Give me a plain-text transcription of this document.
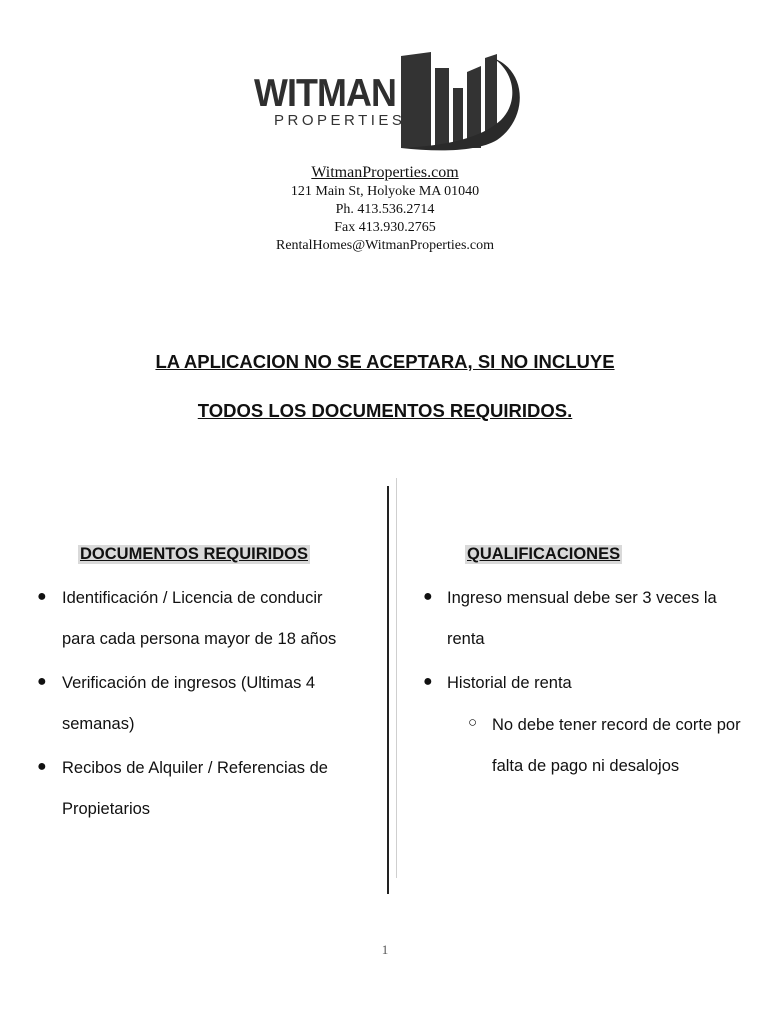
WITMAN
PROPERTIES
WitmanProperties.com
121 Main St, Holyoke MA 01040
Ph. 413.536.2714
Fax 413.930.2765
RentalHomes@WitmanProperties.com
LA APLICACION NO SE ACEPTARA, SI NO INCLUYE
TODOS LOS DOCUMENTOS REQUIRIDOS.
DOCUMENTOS REQUIRIDOS
● Identificación / Licencia de conducir
para cada persona mayor de 18 años
● Verificación de ingresos (Ultimas 4
semanas)
● Recibos de Alquiler / Referencias de
Propietarios
QUALIFICACIONES
● Ingreso mensual debe ser 3 veces la
renta
● Historial de renta
○ No debe tener record de corte por
falta de pago ni desalojos
1
